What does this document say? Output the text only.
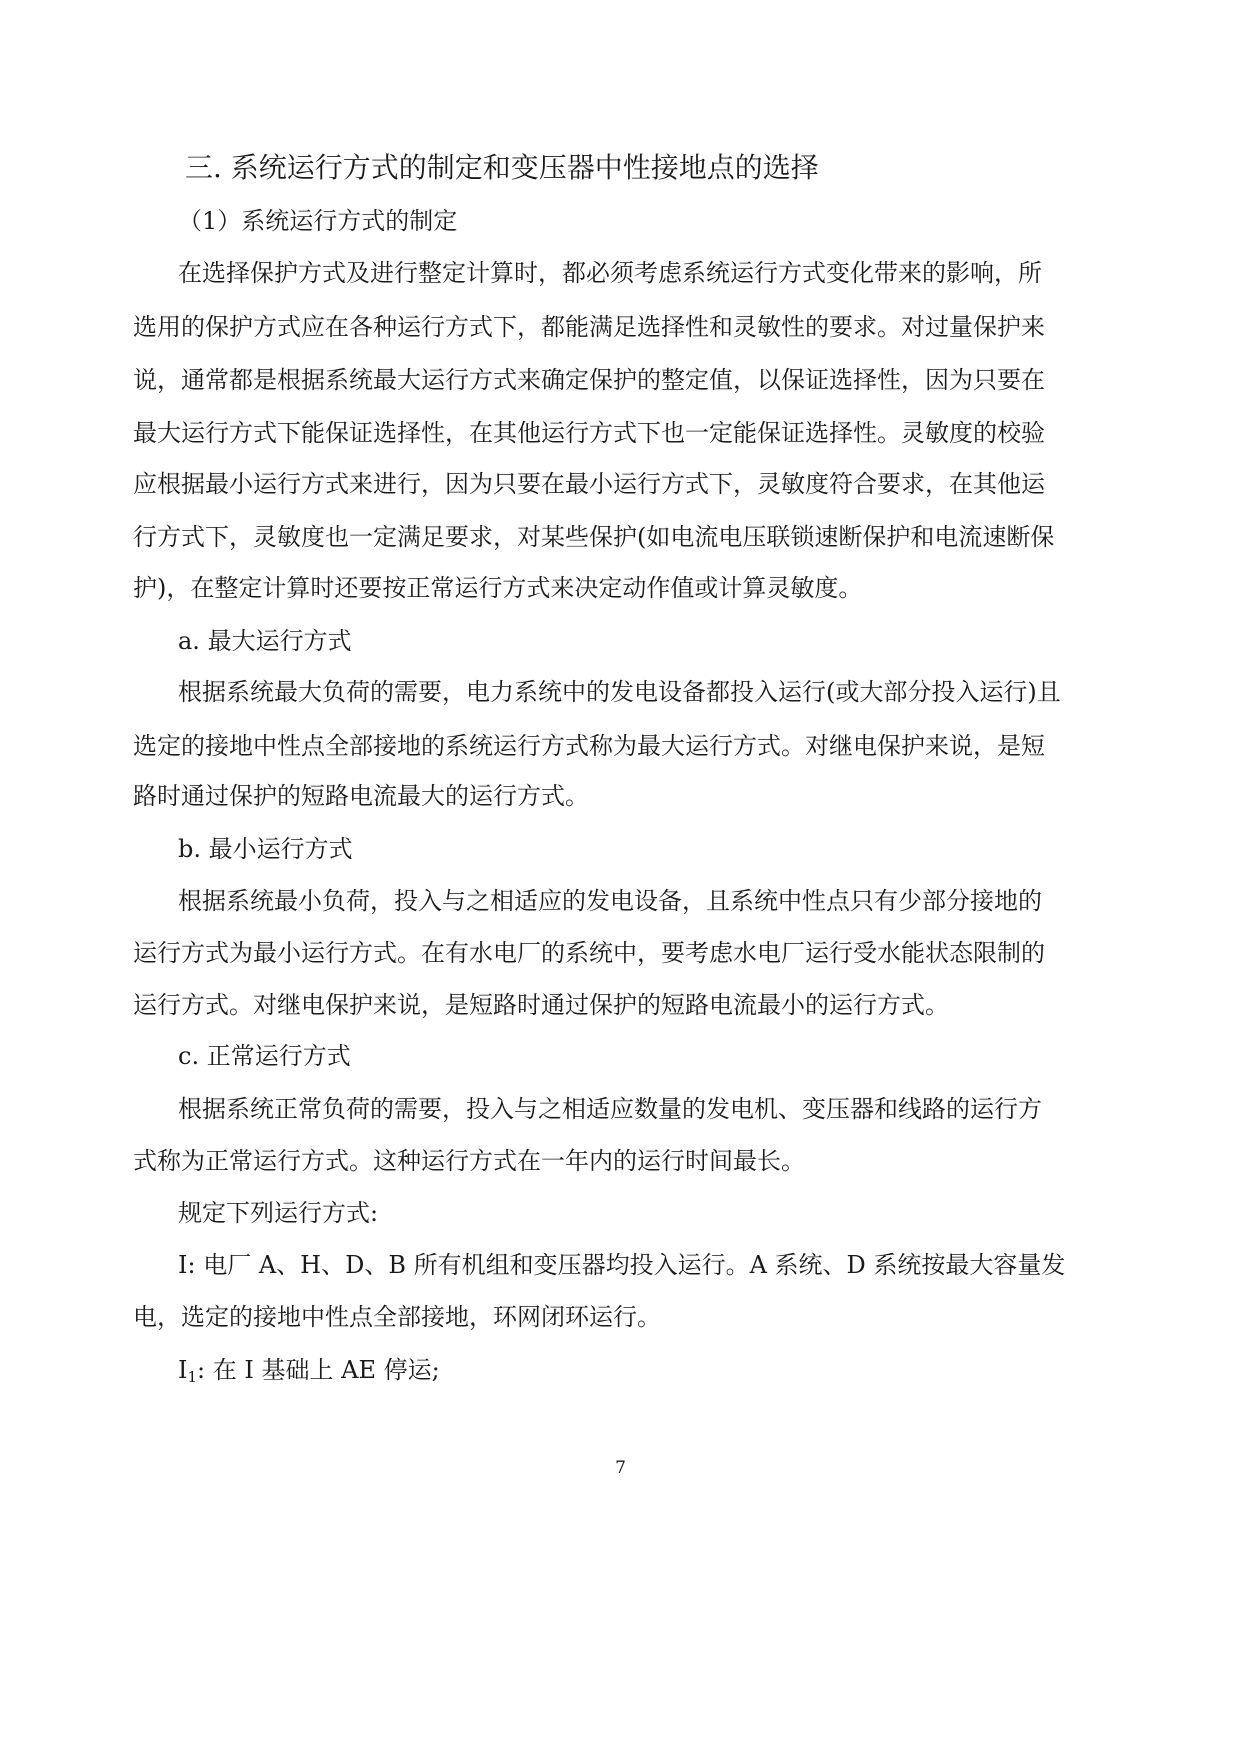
三. 系统运行方式的制定和变压器中性接地点的选择
（1）系统运行方式的制定
在选择保护方式及进行整定计算时，都必须考虑系统运行方式变化带来的影响，所
选用的保护方式应在各种运行方式下，都能满足选择性和灵敏性的要求。对过量保护来
说，通常都是根据系统最大运行方式来确定保护的整定值，以保证选择性，因为只要在
最大运行方式下能保证选择性，在其他运行方式下也一定能保证选择性。灵敏度的校验
应根据最小运行方式来进行，因为只要在最小运行方式下，灵敏度符合要求，在其他运
行方式下，灵敏度也一定满足要求，对某些保护(如电流电压联锁速断保护和电流速断保
护)，在整定计算时还要按正常运行方式来决定动作值或计算灵敏度。
a. 最大运行方式
根据系统最大负荷的需要，电力系统中的发电设备都投入运行(或大部分投入运行)且
选定的接地中性点全部接地的系统运行方式称为最大运行方式。对继电保护来说，是短
路时通过保护的短路电流最大的运行方式。
b. 最小运行方式
根据系统最小负荷，投入与之相适应的发电设备，且系统中性点只有少部分接地的
运行方式为最小运行方式。在有水电厂的系统中，要考虑水电厂运行受水能状态限制的
运行方式。对继电保护来说，是短路时通过保护的短路电流最小的运行方式。
c. 正常运行方式
根据系统正常负荷的需要，投入与之相适应数量的发电机、变压器和线路的运行方
式称为正常运行方式。这种运行方式在一年内的运行时间最长。
规定下列运行方式:
I: 电厂 A、H、D、B 所有机组和变压器均投入运行。A 系统、D 系统按最大容量发
电，选定的接地中性点全部接地，环网闭环运行。
$I_1$: 在 I 基础上 AE 停运;
7
